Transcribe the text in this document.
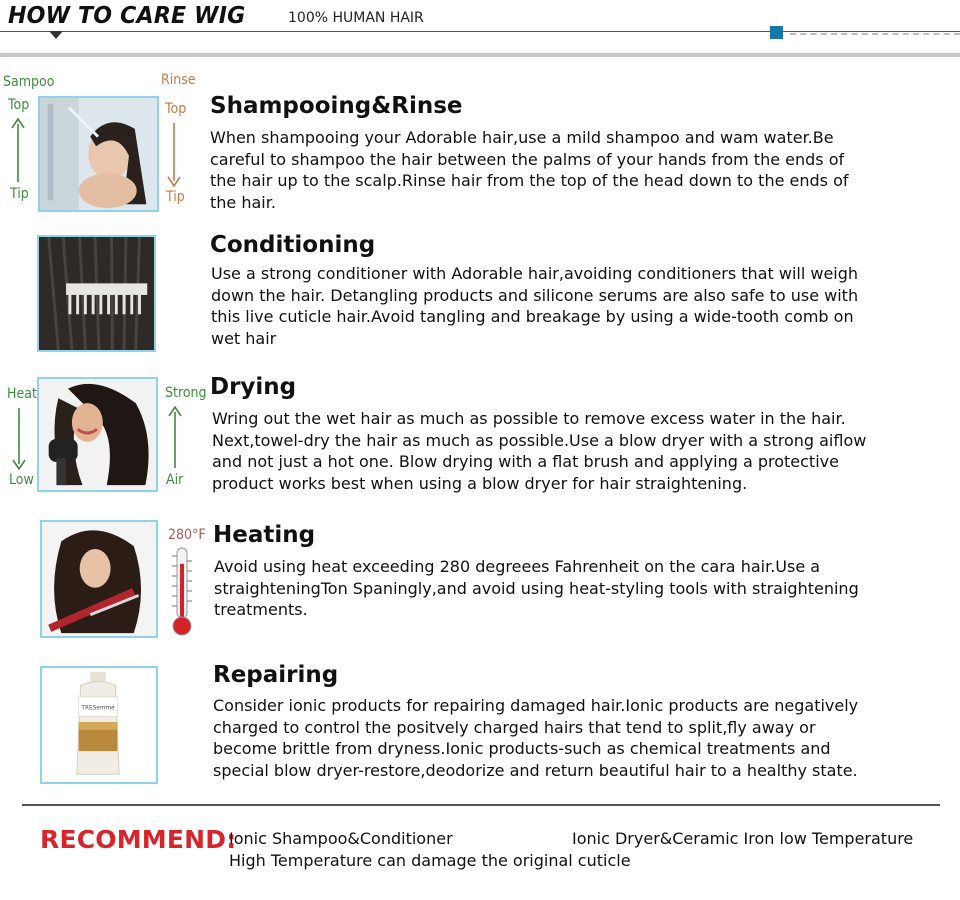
HOW TO CARE WIG	100% HUMAN HAIR
Sampoo
Top
Tip
Rinse
Top
Tip
Shampooing&Rinse
When shampooing your Adorable hair,use a mild shampoo and wam water.Be careful to shampoo the hair between the palms of your hands from the ends of the hair up to the scalp.Rinse hair from the top of the head down to the ends of the hair.
Conditioning
Use a strong conditioner with Adorable hair,avoiding conditioners that will weigh down the hair. Detangling products and silicone serums are also safe to use with this live cuticle hair.Avoid tangling and breakage by using a wide-tooth comb on wet hair
Heat
Low
Strong
Air
Drying
Wring out the wet hair as much as possible to remove excess water in the hair. Next,towel-dry the hair as much as possible.Use a blow dryer with a strong aiflow and not just a hot one. Blow drying with a flat brush and applying a protective product works best when using a blow dryer for hair straightening.
280°F Heating
Avoid using heat exceeding 280 degreees Fahrenheit on the cara hair.Use a straighteningTon Spaningly,and avoid using heat-styling tools with straightening treatments.
TRESemmé
Repairing
Consider ionic products for repairing damaged hair.Ionic products are negatively charged to control the positvely charged hairs that tend to split,fly away or become brittle from dryness.Ionic products-such as chemical treatments and special blow dryer-restore,deodorize and return beautiful hair to a healthy state.
RECOMMEND:
Ionic Shampoo&Conditioner	Ionic Dryer&Ceramic Iron low Temperature
High Temperature can damage the original cuticle
